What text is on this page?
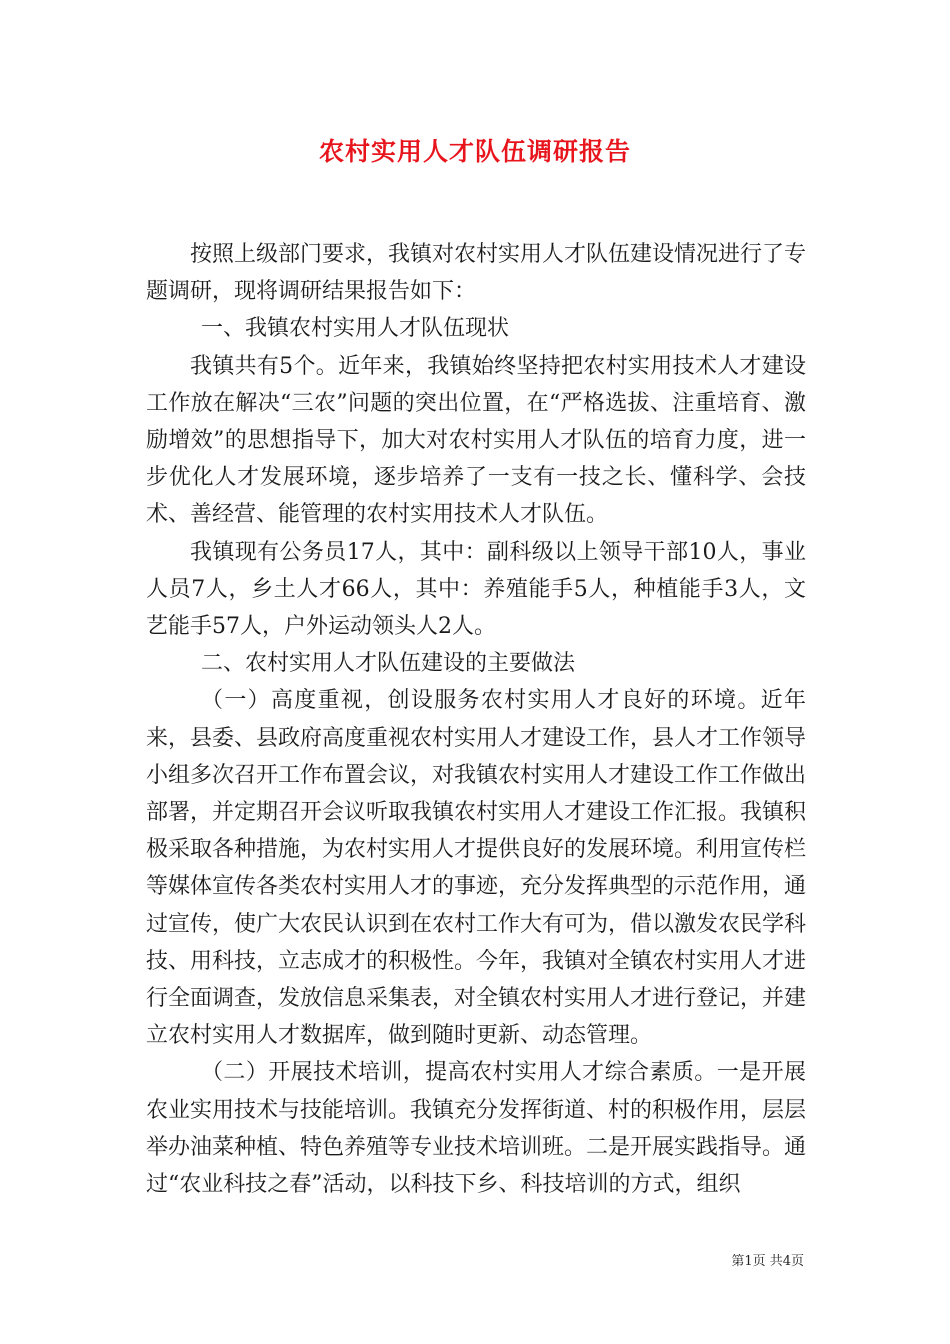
农村实用人才队伍调研报告

按照上级部门要求，我镇对农村实用人才队伍建设情况进行了专题调研，现将调研结果报告如下：

一、我镇农村实用人才队伍现状

我镇共有5个。近年来，我镇始终坚持把农村实用技术人才建设工作放在解决“三农”问题的突出位置，在“严格选拔、注重培育、激励增效”的思想指导下，加大对农村实用人才队伍的培育力度，进一步优化人才发展环境，逐步培养了一支有一技之长、懂科学、会技术、善经营、能管理的农村实用技术人才队伍。

我镇现有公务员17人，其中：副科级以上领导干部10人，事业人员7人，乡土人才66人，其中：养殖能手5人，种植能手3人，文艺能手57人，户外运动领头人2人。

二、农村实用人才队伍建设的主要做法

（一）高度重视，创设服务农村实用人才良好的环境。近年来，县委、县政府高度重视农村实用人才建设工作，县人才工作领导小组多次召开工作布置会议，对我镇农村实用人才建设工作工作做出部署，并定期召开会议听取我镇农村实用人才建设工作汇报。我镇积极采取各种措施，为农村实用人才提供良好的发展环境。利用宣传栏等媒体宣传各类农村实用人才的事迹，充分发挥典型的示范作用，通过宣传，使广大农民认识到在农村工作大有可为，借以激发农民学科技、用科技，立志成才的积极性。今年，我镇对全镇农村实用人才进行全面调查，发放信息采集表，对全镇农村实用人才进行登记，并建立农村实用人才数据库，做到随时更新、动态管理。

（二）开展技术培训，提高农村实用人才综合素质。一是开展农业实用技术与技能培训。我镇充分发挥街道、村的积极作用，层层举办油菜种植、特色养殖等专业技术培训班。二是开展实践指导。通过“农业科技之春”活动，以科技下乡、科技培训的方式，组织

第1页 共4页
